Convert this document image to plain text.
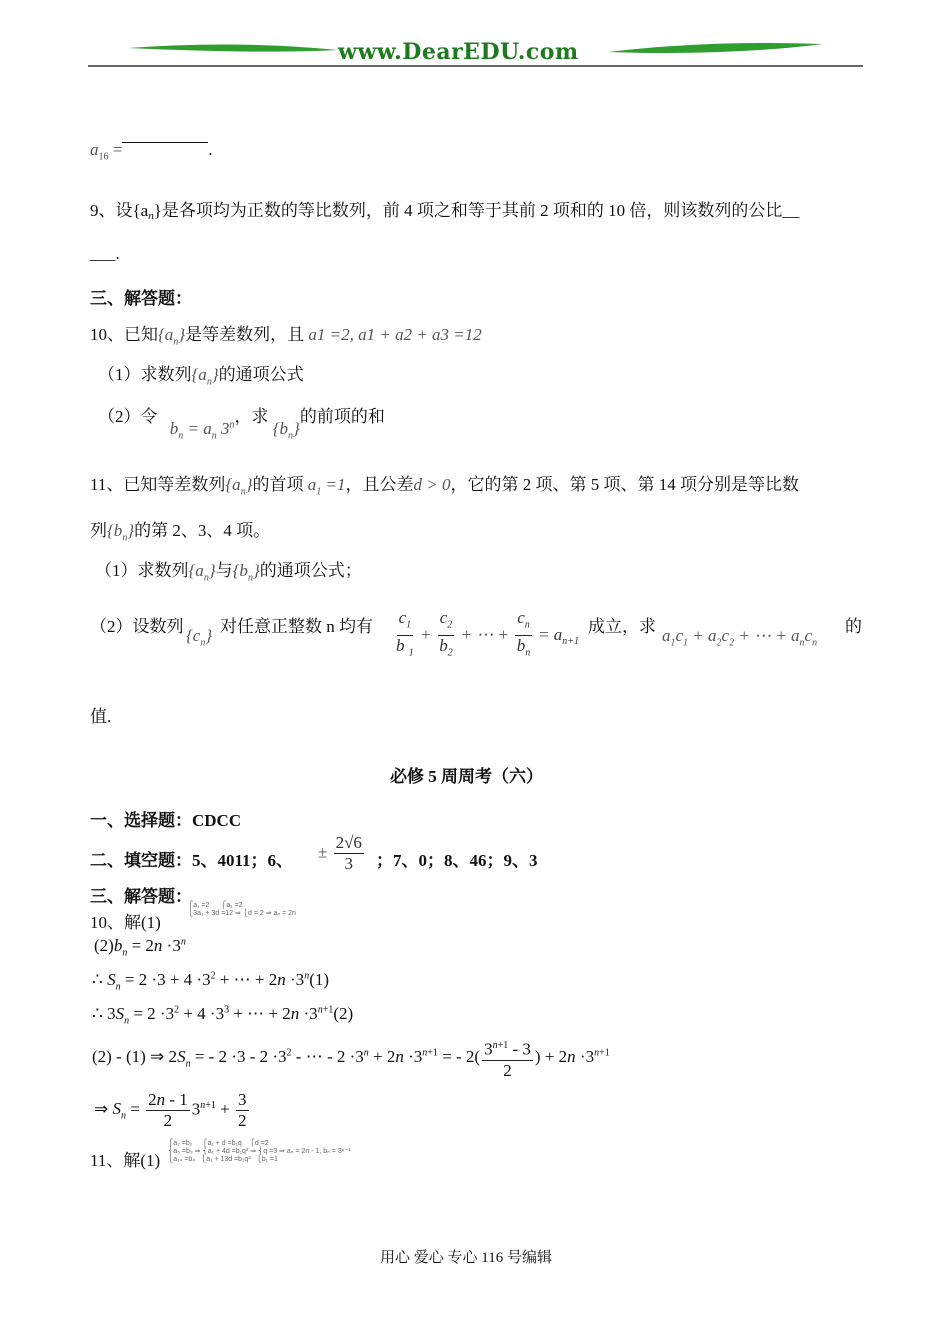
www.DearEDU.com
$a_{16}$ =	.
9、设{an}是各项均为正数的等比数列，前 4 项之和等于其前 2 项和的 10 倍，则该数列的公比__
___.
三、解答题：
10、已知$\{a_n\}$是等差数列，且 a1 =2, a1 + a2 + a3 =12
（1）求数列$\{a_n\}$的通项公式
（2）令 $b_n = a_n$ 3$^n$，求 $\{b_n\}$的前项的和
11、已知等差数列$\{a_n\}$的首项 $a_1 =1$，且公差d > 0，它的第 2 项、第 5 项、第 14 项分别是等比数
列$\{b_n\}$的第 2、3、4 项。
（1）求数列$\{a_n\}$与$\{b_n\}$的通项公式；
（2）设数列 $\{c_n\}$ 对任意正整数 n 均有 $\frac{c_1}{b _1} + \frac{c_2}{b_2}$ + ⋯ + $\frac{c_n}{b_n} = a_{n+1}$
成立，求 $a_1c_1 + a_2c_2$ + ⋯ + $a_nc_n$
的
值.
必修 5 周周考（六）
一、选择题：CDCC
二、填空题：5、4011；6、 ± $\frac{2√6}{3}$ ；7、0；8、46；9、3
三、解答题：
10、解(1)
⎧a₁ =2      ⎧a₁ =2
⎩3a₁ + 3d =12 ⇒ ⎩d = 2 ⇒ aₙ = 2n
$(2)b_n = 2n \cdot 3^n$
∴ $S_n = 2 \cdot 3 + 4 \cdot 3^2$ + ⋯ + $2n \cdot 3^n(1)$
∴ $3S_n = 2 \cdot 3^2 + 4 \cdot 3^3$ + ⋯ + $2n \cdot 3^{n+1}(2)$
(2) - (1) ⇒ $2S_n$ = - $2 \cdot 3 - 2 \cdot 3^2$ - ⋯ - $2 \cdot 3^n + 2n \cdot 3^{n+1}$ = - $2( \frac{3^{n+1} - 3}{2}$ ) + $2n \cdot 3^{n+1}$
⇒ $S_n = \frac{2n - 1}{2} 3^{n+1} + \frac{3}{2}$
11、解(1)
⎧a₂ =b₂     ⎧a₁ + d =b₁q    ⎧d =2
⎨a₅ =b₃ ⇒ ⎨a₁ + 4d =b₁q² ⇒ ⎨q =3 ⇒ aₙ = 2n - 1, bₙ = 3ⁿ⁻¹
⎩a₁₄ =b₄   ⎩a₁ + 13d =b₁q³   ⎩b₁ =1
用心 爱心 专心 116 号编辑
